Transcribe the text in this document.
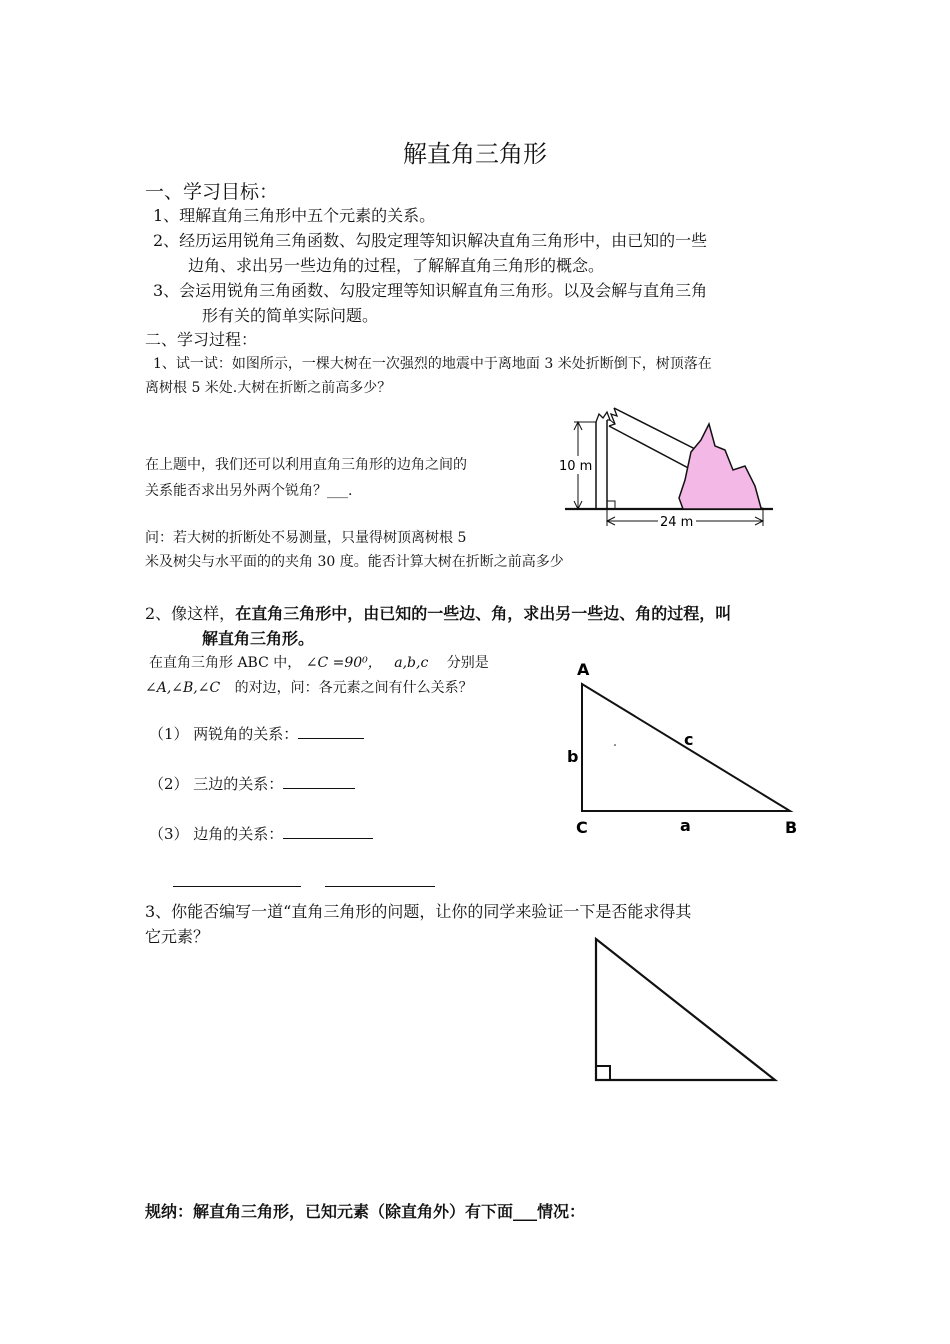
解直角三角形
一、学习目标：
1、理解直角三角形中五个元素的关系。
2、经历运用锐角三角函数、勾股定理等知识解决直角三角形中，由已知的一些
边角、求出另一些边角的过程，了解解直角三角形的概念。
3、会运用锐角三角函数、勾股定理等知识解直角三角形。以及会解与直角三角
形有关的简单实际问题。
二、学习过程：
1、试一试：如图所示，一棵大树在一次强烈的地震中于离地面 3 米处折断倒下，树顶落在
离树根 5 米处.大树在折断之前高多少？
在上题中，我们还可以利用直角三角形的边角之间的
关系能否求出另外两个锐角？___.
问：若大树的折断处不易测量，只量得树顶离树根 5
米及树尖与水平面的的夹角 30 度。能否计算大树在折断之前高多少
10 m
24 m
2、像这样，在直角三角形中，由已知的一些边、角，求出另一些边、角的过程，叫
解直角三角形。
在直角三角形 ABC 中， ∠C =90⁰， a,b,c 分别是
∠A,∠B,∠C 的对边，问：各元素之间有什么关系？
（1） 两锐角的关系：
（2） 三边的关系：
（3） 边角的关系：
A
C	B
b
a
c
3、你能否编写一道“直角三角形的问题，让你的同学来验证一下是否能求得其
它元素？
规纳：解直角三角形，已知元素（除直角外）有下面___情况：
